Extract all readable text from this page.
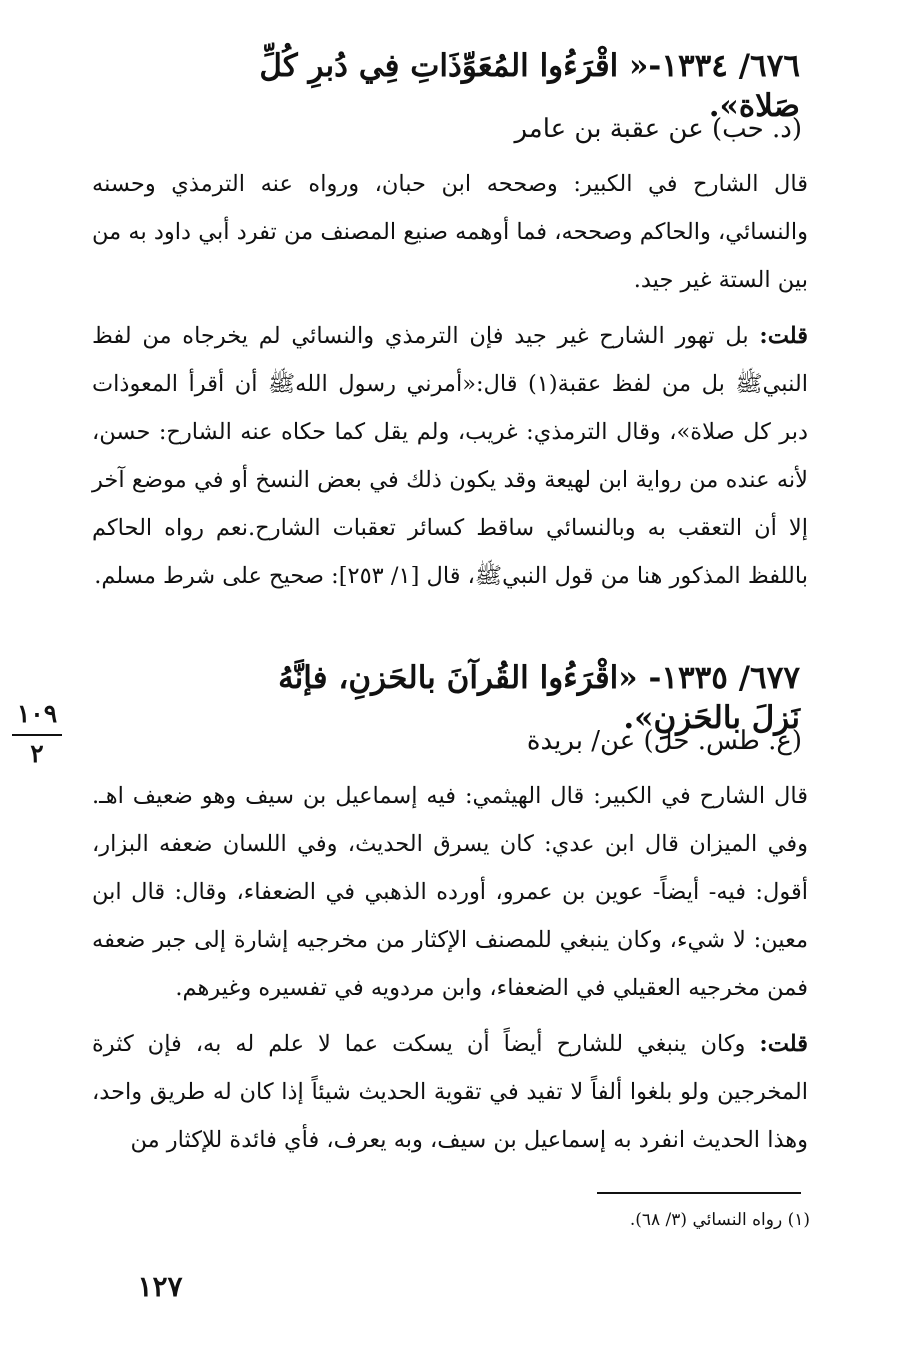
٦٧٦/ ١٣٣٤-« اقْرَءُوا المُعَوِّذَاتِ فِي دُبرِ كُلِّ صَلاة».
(د. حب) عن عقبة بن عامر

قال الشارح في الكبير: وصححه ابن حبان، ورواه عنه الترمذي وحسنه والنسائي، والحاكم وصححه، فما أوهمه صنيع المصنف من تفرد أبي داود به من بين الستة غير جيد.

قلت: بل تهور الشارح غير جيد فإن الترمذي والنسائي لم يخرجاه من لفظ النبيﷺ بل من لفظ عقبة(١) قال:«أمرني رسول اللهﷺ أن أقرأ المعوذات دبر كل صلاة»، وقال الترمذي: غريب، ولم يقل كما حكاه عنه الشارح: حسن، لأنه عنده من رواية ابن لهيعة وقد يكون ذلك في بعض النسخ أو في موضع آخر إلا أن التعقب به وبالنسائي ساقط كسائر تعقبات الشارح.نعم رواه الحاكم باللفظ المذكور هنا من قول النبيﷺ، قال [١/ ٢٥٣]: صحيح على شرط مسلم.

٦٧٧/ ١٣٣٥- «اقْرَءُوا القُرآنَ بالحَزنِ، فإنَّهُ نَزلَ بالحَزنِ».
(ع. طس. حل) عن/ بريدة
١٠٩
٢

قال الشارح في الكبير: قال الهيثمي: فيه إسماعيل بن سيف وهو ضعيف اهـ. وفي الميزان قال ابن عدي: كان يسرق الحديث، وفي اللسان ضعفه البزار، أقول: فيه- أيضاً- عوين بن عمرو، أورده الذهبي في الضعفاء، وقال: قال ابن معين: لا شيء، وكان ينبغي للمصنف الإكثار من مخرجيه إشارة إلى جبر ضعفه فمن مخرجيه العقيلي في الضعفاء، وابن مردويه في تفسيره وغيرهم.

قلت: وكان ينبغي للشارح أيضاً أن يسكت عما لا علم له به، فإن كثرة المخرجين ولو بلغوا ألفاً لا تفيد في تقوية الحديث شيئاً إذا كان له طريق واحد، وهذا الحديث انفرد به إسماعيل بن سيف، وبه يعرف، فأي فائدة للإكثار من

(١) رواه النسائي (٣/ ٦٨).
١٢٧
